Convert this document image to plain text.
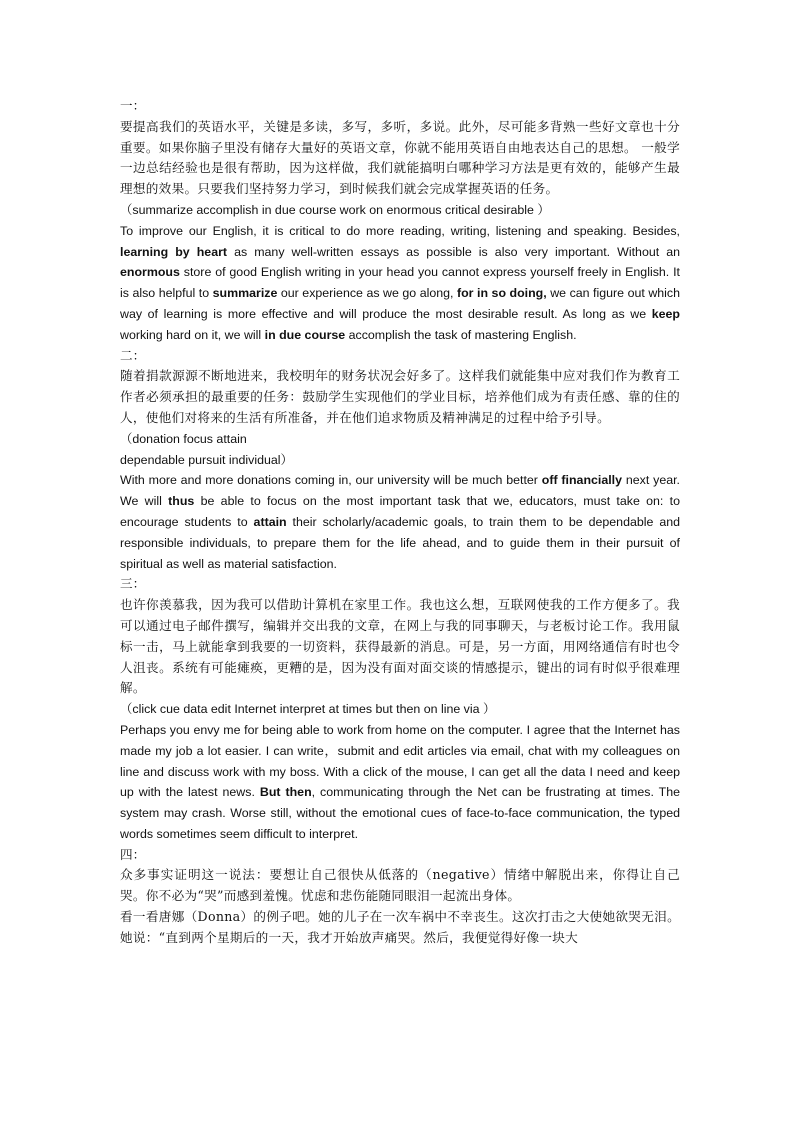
一：

要提高我们的英语水平，关键是多读，多写，多听，多说。此外，尽可能多背熟一些好文章也十分重要。如果你脑子里没有储存大量好的英语文章，你就不能用英语自由地表达自己的思想。 一般学一边总结经验也是很有帮助，因为这样做，我们就能搞明白哪种学习方法是更有效的，能够产生最理想的效果。只要我们坚持努力学习，到时候我们就会完成掌握英语的任务。

（summarize accomplish in due course work on enormous critical desirable ）

To improve our English, it is critical to do more reading, writing, listening and speaking. Besides, learning by heart as many well-written essays as possible is also very important. Without an enormous store of good English writing in your head you cannot express yourself freely in English. It is also helpful to summarize our experience as we go along, for in so doing, we can figure out which way of learning is more effective and will produce the most desirable result. As long as we keep working hard on it, we will in due course accomplish the task of mastering English.

二：

随着捐款源源不断地进来，我校明年的财务状况会好多了。这样我们就能集中应对我们作为教育工作者必须承担的最重要的任务：鼓励学生实现他们的学业目标，培养他们成为有责任感、靠的住的人，使他们对将来的生活有所准备，并在他们追求物质及精神满足的过程中给予引导。

（donation focus attain

dependable pursuit individual）

With more and more donations coming in, our university will be much better off financially next year. We will thus be able to focus on the most important task that we, educators, must take on: to encourage students to attain their scholarly/academic goals, to train them to be dependable and responsible individuals, to prepare them for the life ahead, and to guide them in their pursuit of spiritual as well as material satisfaction.

三：

也许你羡慕我，因为我可以借助计算机在家里工作。我也这么想，互联网使我的工作方便多了。我可以通过电子邮件撰写，编辑并交出我的文章，在网上与我的同事聊天，与老板讨论工作。我用鼠标一击，马上就能拿到我要的一切资料，获得最新的消息。可是，另一方面，用网络通信有时也令人沮丧。系统有可能瘫痪，更糟的是，因为没有面对面交谈的情感提示，键出的词有时似乎很难理解。

（click cue data edit Internet interpret at times but then on line via ）

Perhaps you envy me for being able to work from home on the computer. I agree that the Internet has made my job a lot easier. I can write，submit and edit articles via email, chat with my colleagues on line and discuss work with my boss. With a click of the mouse, I can get all the data I need and keep up with the latest news. But then, communicating through the Net can be frustrating at times. The system may crash. Worse still, without the emotional cues of face-to-face communication, the typed words sometimes seem difficult to interpret.

四：

众多事实证明这一说法：要想让自己很快从低落的（negative）情绪中解脱出来，你得让自己哭。你不必为“哭”而感到羞愧。忧虑和悲伤能随同眼泪一起流出身体。

看一看唐娜（Donna）的例子吧。她的儿子在一次车祸中不幸丧生。这次打击之大使她欲哭无泪。她说：“直到两个星期后的一天，我才开始放声痛哭。然后，我便觉得好像一块大
